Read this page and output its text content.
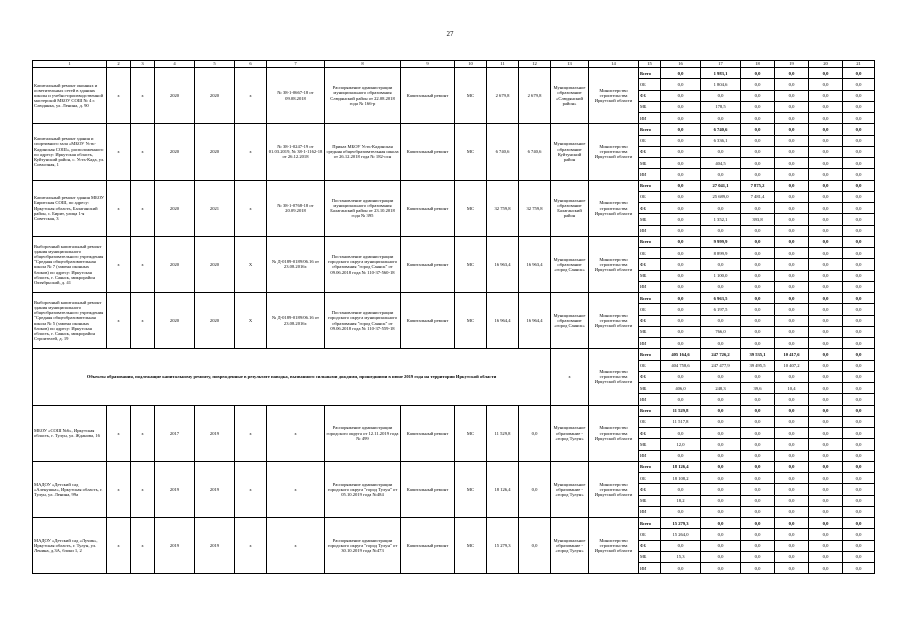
27
1	2	3	4	5	6	7	8	9	10	11	12	13	14	15	16	17	18	19	20	21
Капитальный ремонт оконных и осветительных сетей в зданиях школы и учебно-производственной мастерской МБОУ СОШ № 4 г. Слюдянка, ул. Ленина, д. 90	х	х	2020	2020	х	№ 38-1-0667-18 от 09.08.2018	Распоряжение администрации муниципального образования Слюдянский район от 22.08.2018 года № 166-р	Капитальный ремонт	МС	2 679,8	2 679,8	Муниципальное образование «Слюдянский район»	Министерство строительства Иркутской области	Всего	0,0	1 983,1	0,0	0,0	0,0	0,0
														ОБ	0,0	1 804,6	0,0	0,0	0,0	0,0
														ФБ	0,0	0,0	0,0	0,0	0,0	0,0
														МБ	0,0	178,5	0,0	0,0	0,0	0,0
														ИИ	0,0	0,0	0,0	0,0	0,0	0,0
Капитальный ремонт здания и спортивного зала «МБОУ Усть-Кадинская СОШ», расположенного по адресу: Иркутская область, Куйтунский район, с. Усть-Када, ул. Совхозная, 1	х	х	2020	2020	х	№ 38-1-0247-19 от 01.03.2019, № 38-1-1162-18 от 26.12.2018	Приказ МБОУ Усть-Кадинская средняя общеобразовательная школа от 26.12.2018 года № 182-осн	Капитальный ремонт	МС	6 740,6	6 740,6	Муниципальное образование Куйтунский район	Министерство строительства Иркутской области	Всего	0,0	6 740,6	0,0	0,0	0,0	0,0
														ОБ	0,0	6 336,1	0,0	0,0	0,0	0,0
														ФБ	0,0	0,0	0,0	0,0	0,0	0,0
														МБ	0,0	404,5	0,0	0,0	0,0	0,0
														ИИ	0,0	0,0	0,0	0,0	0,0	0,0
Капитальный ремонт здания МБОУ Биритская СОШ, по адресу: Иркутская область, Балаганский район, с. Бирит, улица 1-я Советская, 3	х	х	2020	2021	х	№ 38-1-0768-18 от 20.09.2018	Постановление администрации муниципального образования Балаганский район от 23.10.2018 года № 395	Капитальный ремонт	МС	32 759,8	32 759,8	Муниципальное образование Балаганский район	Министерство строительства Иркутской области	Всего	0,0	27 041,1	7 875,2	0,0	0,0	0,0
														ОБ	0,0	25 689,0	7 481,4	0,0	0,0	0,0
														ФБ	0,0	0,0	0,0	0,0	0,0	0,0
														МБ	0,0	1 352,1	393,8	0,0	0,0	0,0
														ИИ	0,0	0,0	0,0	0,0	0,0	0,0
Выборочный капитальный ремонт здания муниципального общеобразовательного учреждения "Средняя общеобразовательная школа № 7 (замена оконных блоков) по адресу: Иркутская область, г. Саянск, микрорайон Октябрьский, д. 41	х	х	2020	2020	Х	№ Д-0189-0189/06.16 от 23.08.2016г.	Постановление администрации городского округа муниципального образования "город Саянск" от 09.06.2018 года № 110-37-560-18	Капитальный ремонт	МС	16 963,4	16 963,4	Муниципальное образование «город Саянск»	Министерство строительства Иркутской области	Всего	0,0	9 999,9	0,0	0,0	0,0	0,0
														ОБ	0,0	8 899,9	0,0	0,0	0,0	0,0
														ФБ	0,0	0,0	0,0	0,0	0,0	0,0
														МБ	0,0	1 100,0	0,0	0,0	0,0	0,0
														ИИ	0,0	0,0	0,0	0,0	0,0	0,0
Выборочный капитальный ремонт здания муниципального общеобразовательного учреждения "Средняя общеобразовательная школа № 5 (замена оконных блоков) по адресу: Иркутская область, г. Саянск, микрорайон Строителей, д. 19	х	х	2020	2020	Х	№ Д-0189-0189/06.16 от 23.08.2016г.	Постановление администрации городского округа муниципального образования "город Саянск" от 09.06.2018 года № 110-37-559-18	Капитальный ремонт	МС	16 964,4	16 964,4	Муниципальное образование «город Саянск»	Министерство строительства Иркутской области	Всего	0,0	6 963,5	0,0	0,0	0,0	0,0
														ОБ	0,0	6 197,5	0,0	0,0	0,0	0,0
														ФБ	0,0	0,0	0,0	0,0	0,0	0,0
														МБ	0,0	766,0	0,0	0,0	0,0	0,0
														ИИ	0,0	0,0	0,0	0,0	0,0	0,0
Объекты образования, подлежащие капитальному ремонту, поврежденные в результате паводка, вызванного сильными дождями, прошедшими в июне 2019 года на территории Иркутской области												х	Министерство строительства Иркутской области	Всего	405 164,6	247 726,2	39 535,1	10 417,6	0,0	0,0
														ОБ	404 758,6	247 477,9	39 495,5	10 407,2	0,0	0,0
														ФБ	0,0	0,0	0,0	0,0	0,0	0,0
														МБ	406,0	248,3	39,6	10,4	0,0	0,0
														ИИ	0,0	0,0	0,0	0,0	0,0	0,0
МБОУ «СОШ №6», Иркутская область, г. Тулун, ул. Жданова, 16	х	х	2017	2019	х	х	Распоряжение администрации городского округа от 12.11.2019 года № 499	Капитальный ремонт	МС	11 529,8	0,0	Муниципальное образование - «город Тулун»	Министерство строительства Иркутской области	Всего	11 529,8	0,0	0,0	0,0	0,0	0,0
														ОБ	11 517,8	0,0	0,0	0,0	0,0	0,0
														ФБ	0,0	0,0	0,0	0,0	0,0	0,0
														МБ	12,0	0,0	0,0	0,0	0,0	0,0
														ИИ	0,0	0,0	0,0	0,0	0,0	0,0
МАДОУ «Детский сад «Аленушка», Иркутская область, г. Тулун, ул. Ленина, 99а	х	х	2019	2019	х	х	Распоряжение администрации городского округа "город Тулун" от 05.10.2019 года №484	Капитальный ремонт	МС	18 126,4	0,0	Муниципальное образование - «город Тулун»	Министерство строительства Иркутской области	Всего	18 126,4	0,0	0,0	0,0	0,0	0,0
														ОБ	18 108,2	0,0	0,0	0,0	0,0	0,0
														ФБ	0,0	0,0	0,0	0,0	0,0	0,0
														МБ	18,2	0,0	0,0	0,0	0,0	0,0
														ИИ	0,0	0,0	0,0	0,0	0,0	0,0
МАДОУ «Детский сад «Лучик», Иркутская область, г. Тулун, ул. Ленина, д.3А, блоки 1, 2	х	х	2019	2019	х	х	Распоряжение администрации городского округа "город Тулун" от 30.10.2019 года №473	Капитальный ремонт	МС	15 279,3	0,0	Муниципальное образование - «город Тулун»	Министерство строительства Иркутской области	Всего	15 279,3	0,0	0,0	0,0	0,0	0,0
														ОБ	15 264,0	0,0	0,0	0,0	0,0	0,0
														ФБ	0,0	0,0	0,0	0,0	0,0	0,0
														МБ	15,3	0,0	0,0	0,0	0,0	0,0
														ИИ	0,0	0,0	0,0	0,0	0,0	0,0
